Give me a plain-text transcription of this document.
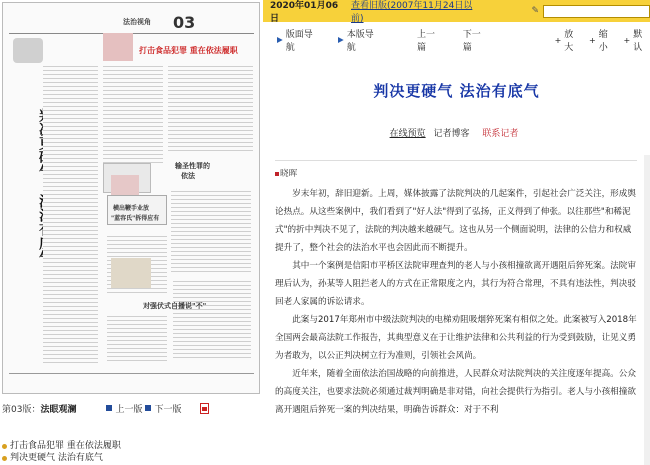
03
法治视角
打击食品犯罪 重在依法履职
输圣性罪的
依法
横出鞭手业放
"蓝容氏"拆得应有
对强伏式自播说"不"
第03版： 法眼观澜	上一版 下一版
打击食品犯罪 重在依法履职
判决更硬气 法治有底气
2020年01月06日
查看旧版(2007年11月24日以前)
✎
版面导航
本版导航
上一篇
下一篇
+ 放大
+ 缩小
+ 默认
判决更硬气 法治有底气
在线预览 记者博客 联系记者
晓晖

岁末年初，辞旧迎新。上周，媒体披露了法院判决的几起案件，引起社会广泛关注，形成舆论热点。从这些案例中，我们看到了"好人法"得到了弘扬，正义得到了伸张。以往那些"和稀泥式"的折中判决不见了，法院的判决越来越硬气。这也从另一个侧面说明，法律的公信力和权威提升了，整个社会的法治水平也会因此而不断提升。

其中一个案例是信阳市平桥区法院审理查判的老人与小孩相撞欲离开遇阻后猝死案。法院审理后认为，孙某等人阻拦老人的方式在正常限度之内，其行为符合常理，不具有违法性，判决驳回老人家属的诉讼请求。

此案与2017年郑州市中级法院判决的电梯劝阻吸烟猝死案有相似之处。此案被写入2018年全国两会最高法院工作报告，其典型意义在于让维护法律和公共利益的行为受到鼓励，让见义勇为者敢为，以公正判决树立行为准则，引领社会风尚。

近年来，随着全面依法治国战略的向前推进，人民群众对法院判决的关注度逐年提高。公众的高度关注，也要求法院必须通过裁判明确是非对错，向社会提供行为指引。老人与小孩相撞欲离开遇阻后猝死一案的判决结果，明确告诉群众：对于不利
